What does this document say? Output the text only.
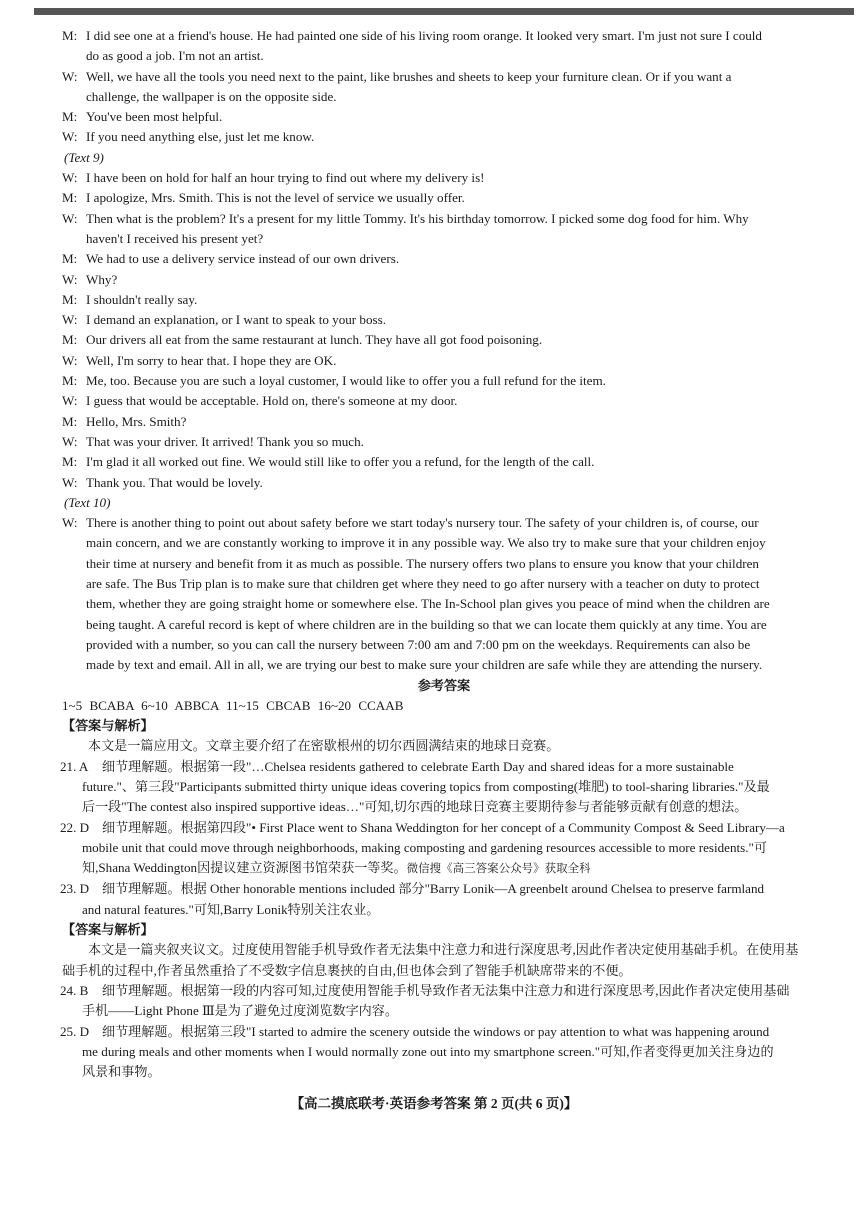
M: I did see one at a friend's house. He had painted one side of his living room orange. It looked very smart. I'm just not sure I could
do as good a job. I'm not an artist.
W: Well, we have all the tools you need next to the paint, like brushes and sheets to keep your furniture clean. Or if you want a
challenge, the wallpaper is on the opposite side.
M: You've been most helpful.
W: If you need anything else, just let me know.
(Text 9)
W: I have been on hold for half an hour trying to find out where my delivery is!
M: I apologize, Mrs. Smith. This is not the level of service we usually offer.
W: Then what is the problem? It's a present for my little Tommy. It's his birthday tomorrow. I picked some dog food for him. Why
haven't I received his present yet?
M: We had to use a delivery service instead of our own drivers.
W: Why?
M: I shouldn't really say.
W: I demand an explanation, or I want to speak to your boss.
M: Our drivers all eat from the same restaurant at lunch. They have all got food poisoning.
W: Well, I'm sorry to hear that. I hope they are OK.
M: Me, too. Because you are such a loyal customer, I would like to offer you a full refund for the item.
W: I guess that would be acceptable. Hold on, there's someone at my door.
M: Hello, Mrs. Smith?
W: That was your driver. It arrived! Thank you so much.
M: I'm glad it all worked out fine. We would still like to offer you a refund, for the length of the call.
W: Thank you. That would be lovely.
(Text 10)
W: There is another thing to point out about safety before we start today's nursery tour. The safety of your children is, of course, our
main concern, and we are constantly working to improve it in any possible way. We also try to make sure that your children enjoy
their time at nursery and benefit from it as much as possible. The nursery offers two plans to ensure you know that your children
are safe. The Bus Trip plan is to make sure that children get where they need to go after nursery with a teacher on duty to protect
them, whether they are going straight home or somewhere else. The In-School plan gives you peace of mind when the children are
being taught. A careful record is kept of where children are in the building so that we can locate them quickly at any time. You are
provided with a number, so you can call the nursery between 7:00 am and 7:00 pm on the weekdays. Requirements can also be
made by text and email. All in all, we are trying our best to make sure your children are safe while they are attending the nursery.
参考答案
1~5 BCABA 6~10 ABBCA 11~15 CBCAB 16~20 CCAAB
【答案与解析】
本文是一篇应用文。文章主要介绍了在密歇根州的切尔西圆满结束的地球日竞赛。
21. A 细节理解题。根据第一段"…Chelsea residents gathered to celebrate Earth Day and shared ideas for a more sustainable
future."、第三段"Participants submitted thirty unique ideas covering topics from composting(堆肥) to tool-sharing libraries."及最
后一段"The contest also inspired supportive ideas…"可知,切尔西的地球日竞赛主要期待参与者能够贡献有创意的想法。
22. D 细节理解题。根据第四段"• First Place went to Shana Weddington for her concept of a Community Compost & Seed Library—a
mobile unit that could move through neighborhoods, making composting and gardening resources accessible to more residents."可
知,Shana Weddington因提议建立资源图书馆荣获一等奖。微信搜《高三答案公众号》获取全科
23. D 细节理解题。根据 Other honorable mentions included 部分"Barry Lonik—A greenbelt around Chelsea to preserve farmland
and natural features."可知,Barry Lonik特别关注农业。
【答案与解析】
本文是一篇夹叙夹议文。过度使用智能手机导致作者无法集中注意力和进行深度思考,因此作者决定使用基础手机。在使用基
础手机的过程中,作者虽然重拾了不受数字信息裹挟的自由,但也体会到了智能手机缺席带来的不便。
24. B 细节理解题。根据第一段的内容可知,过度使用智能手机导致作者无法集中注意力和进行深度思考,因此作者决定使用基础
手机——Light Phone Ⅲ是为了避免过度浏览数字内容。
25. D 细节理解题。根据第三段"I started to admire the scenery outside the windows or pay attention to what was happening around
me during meals and other moments when I would normally zone out into my smartphone screen."可知,作者变得更加关注身边的
风景和事物。
【高二摸底联考·英语参考答案 第 2 页(共 6 页)】
